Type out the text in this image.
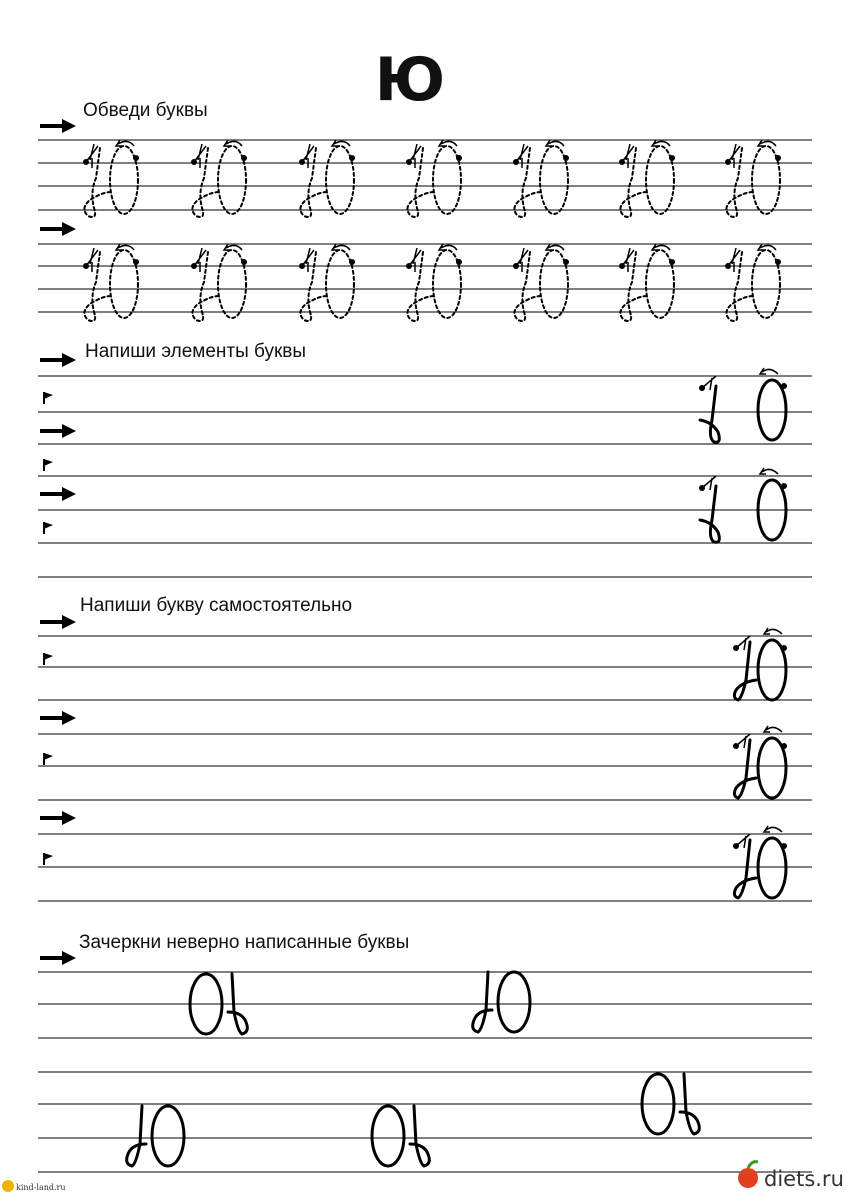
Ю
Обведи буквы
Напиши элементы буквы
Напиши букву самостоятельно
Зачеркни неверно написанные буквы
kind-land.ru	diets.ru
